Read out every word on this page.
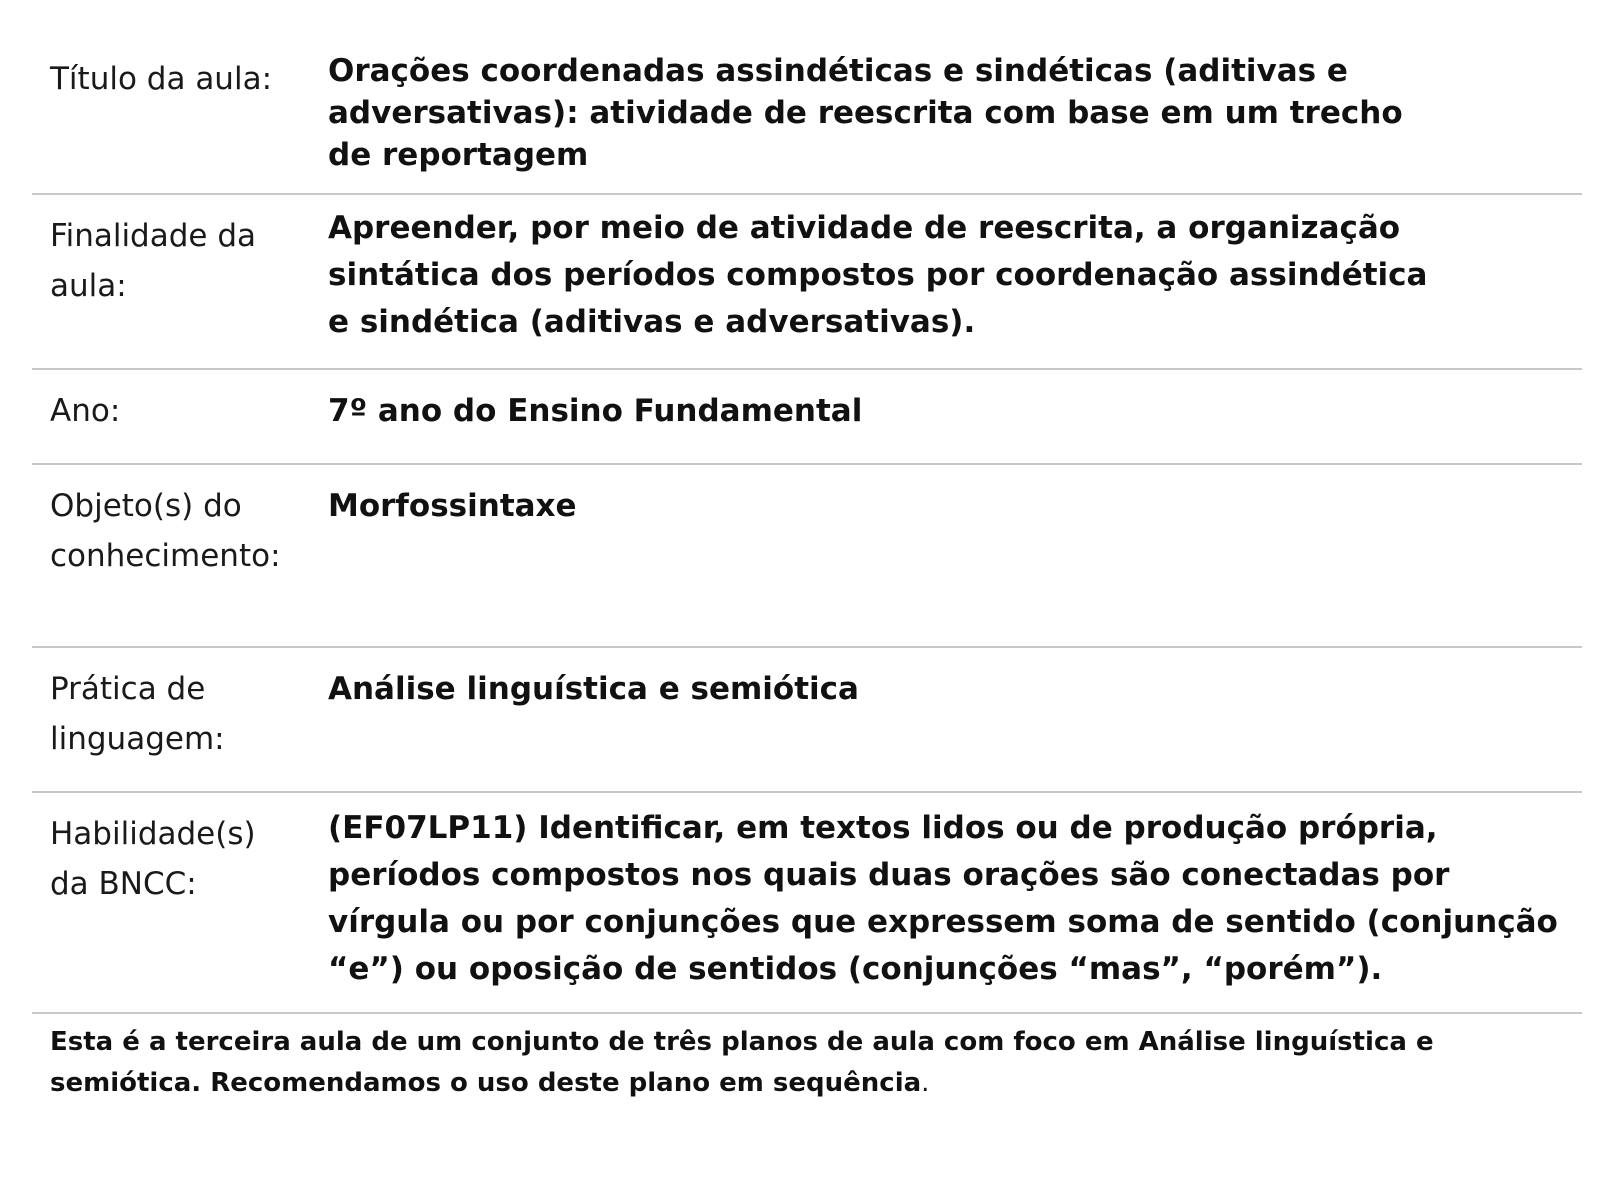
Título da aula:	Orações coordenadas assindéticas e sindéticas (aditivas e adversativas): atividade de reescrita com base em um trecho de reportagem
Finalidade da aula:
Apreender, por meio de atividade de reescrita, a organização sintática dos períodos compostos por coordenação assindética e sindética (aditivas e adversativas).
Ano:	7º ano do Ensino Fundamental
Objeto(s) do conhecimento:
Morfossintaxe
Prática de linguagem:
Análise linguística e semiótica
Habilidade(s) da BNCC:
(EF07LP11) Identificar, em textos lidos ou de produção própria, períodos compostos nos quais duas orações são conectadas por vírgula ou por conjunções que expressem soma de sentido (conjunção “e”) ou oposição de sentidos (conjunções “mas”, “porém”).
Esta é a terceira aula de um conjunto de três planos de aula com foco em Análise linguística e semiótica. Recomendamos o uso deste plano em sequência.
